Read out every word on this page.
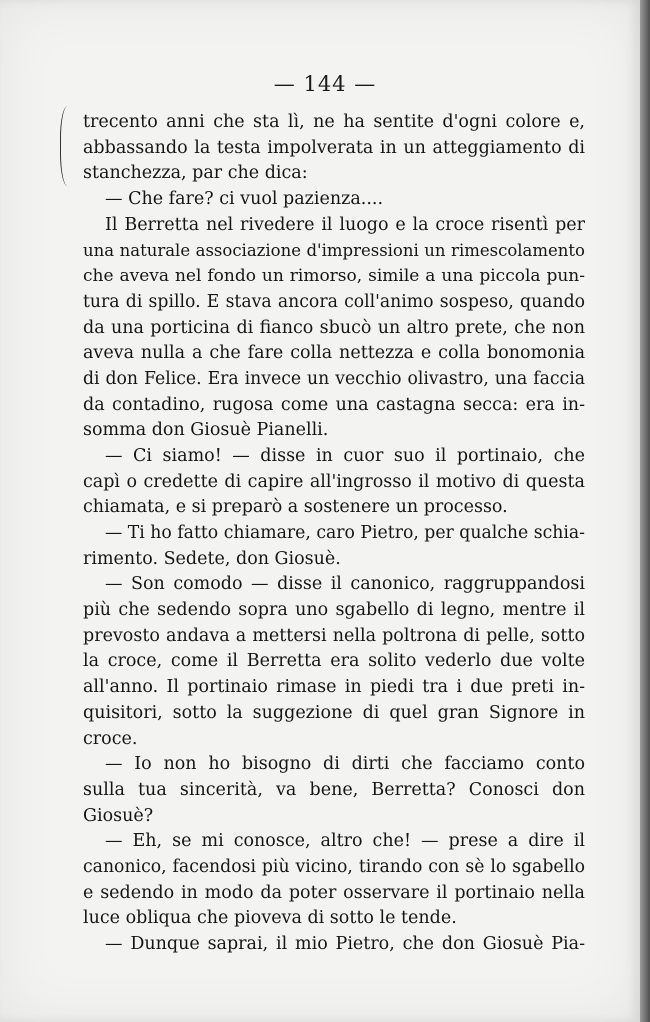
— 144 —
trecento anni che sta lì, ne ha sentite d'ogni colore e,
abbassando la testa impolverata in un atteggiamento di
stanchezza, par che dica:
— Che fare? ci vuol pazienza....
Il Berretta nel rivedere il luogo e la croce risentì per
una naturale associazione d'impressioni un rimescolamento
che aveva nel fondo un rimorso, simile a una piccola pun-
tura di spillo. E stava ancora coll'animo sospeso, quando
da una porticina di fianco sbucò un altro prete, che non
aveva nulla a che fare colla nettezza e colla bonomonia
di don Felice. Era invece un vecchio olivastro, una faccia
da contadino, rugosa come una castagna secca: era in-
somma don Giosuè Pianelli.
— Ci siamo! — disse in cuor suo il portinaio, che
capì o credette di capire all'ingrosso il motivo di questa
chiamata, e si preparò a sostenere un processo.
— Ti ho fatto chiamare, caro Pietro, per qualche schia-
rimento. Sedete, don Giosuè.
— Son comodo — disse il canonico, raggruppandosi
più che sedendo sopra uno sgabello di legno, mentre il
prevosto andava a mettersi nella poltrona di pelle, sotto
la croce, come il Berretta era solito vederlo due volte
all'anno. Il portinaio rimase in piedi tra i due preti in-
quisitori, sotto la suggezione di quel gran Signore in
croce.
— Io non ho bisogno di dirti che facciamo conto
sulla tua sincerità, va bene, Berretta? Conosci don
Giosuè?
— Eh, se mi conosce, altro che! — prese a dire il
canonico, facendosi più vicino, tirando con sè lo sgabello
e sedendo in modo da poter osservare il portinaio nella
luce obliqua che pioveva di sotto le tende.
— Dunque saprai, il mio Pietro, che don Giosuè Pia-
